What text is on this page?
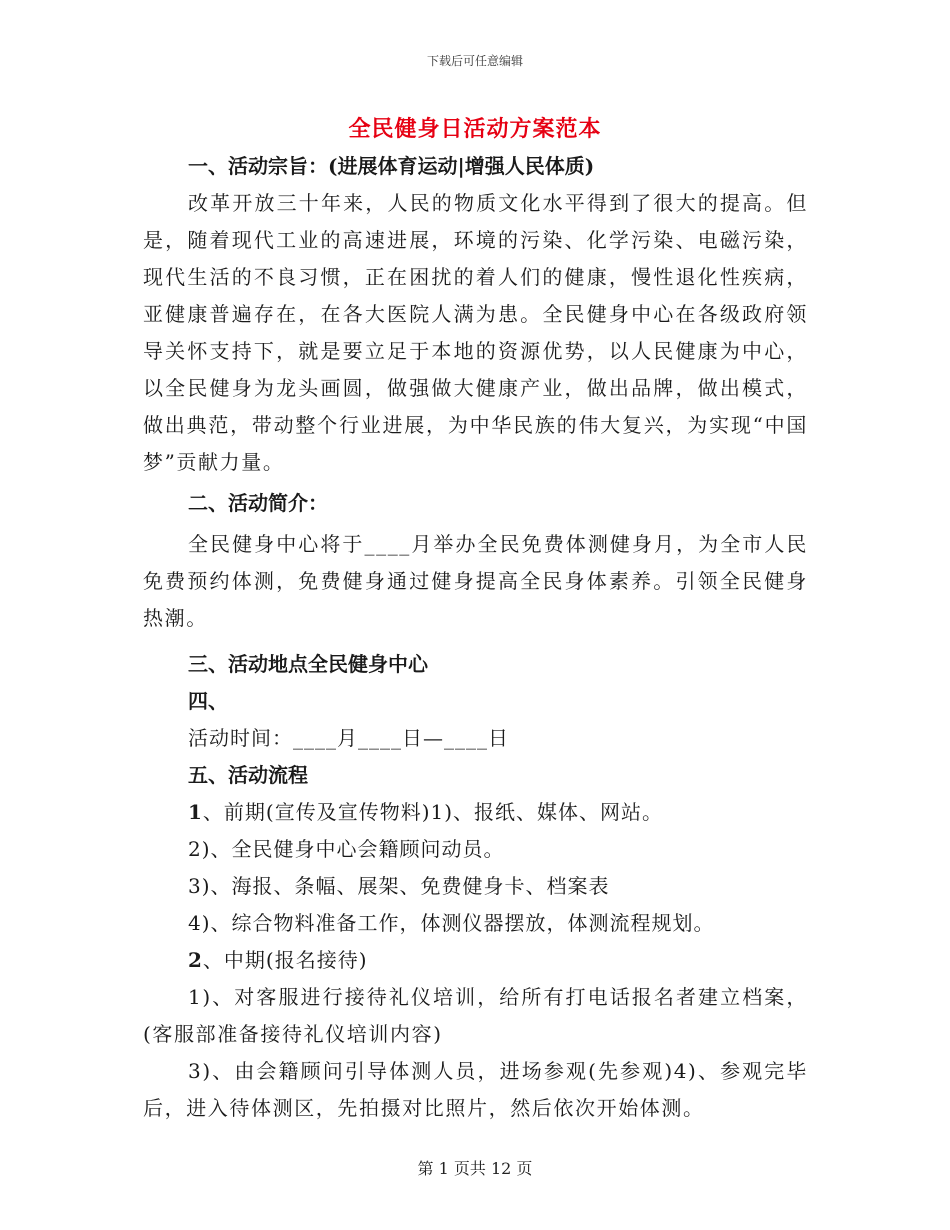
下载后可任意编辑
全民健身日活动方案范本

一、活动宗旨：(进展体育运动|增强人民体质)

改革开放三十年来，人民的物质文化水平得到了很大的提高。但是，随着现代工业的高速进展，环境的污染、化学污染、电磁污染，现代生活的不良习惯，正在困扰的着人们的健康，慢性退化性疾病，亚健康普遍存在，在各大医院人满为患。全民健身中心在各级政府领导关怀支持下，就是要立足于本地的资源优势，以人民健康为中心，以全民健身为龙头画圆，做强做大健康产业，做出品牌，做出模式，做出典范，带动整个行业进展，为中华民族的伟大复兴，为实现“中国梦”贡献力量。

二、活动简介：

全民健身中心将于____月举办全民免费体测健身月，为全市人民免费预约体测，免费健身通过健身提高全民身体素养。引领全民健身热潮。

三、活动地点全民健身中心

四、

活动时间：____月____日—____日

五、活动流程

1、前期(宣传及宣传物料)1)、报纸、媒体、网站。

2)、全民健身中心会籍顾问动员。

3)、海报、条幅、展架、免费健身卡、档案表

4)、综合物料准备工作，体测仪器摆放，体测流程规划。

2、中期(报名接待)

1)、对客服进行接待礼仪培训，给所有打电话报名者建立档案，(客服部准备接待礼仪培训内容)

3)、由会籍顾问引导体测人员，进场参观(先参观)4)、参观完毕后，进入待体测区，先拍摄对比照片，然后依次开始体测。

第 1 页共 12 页
